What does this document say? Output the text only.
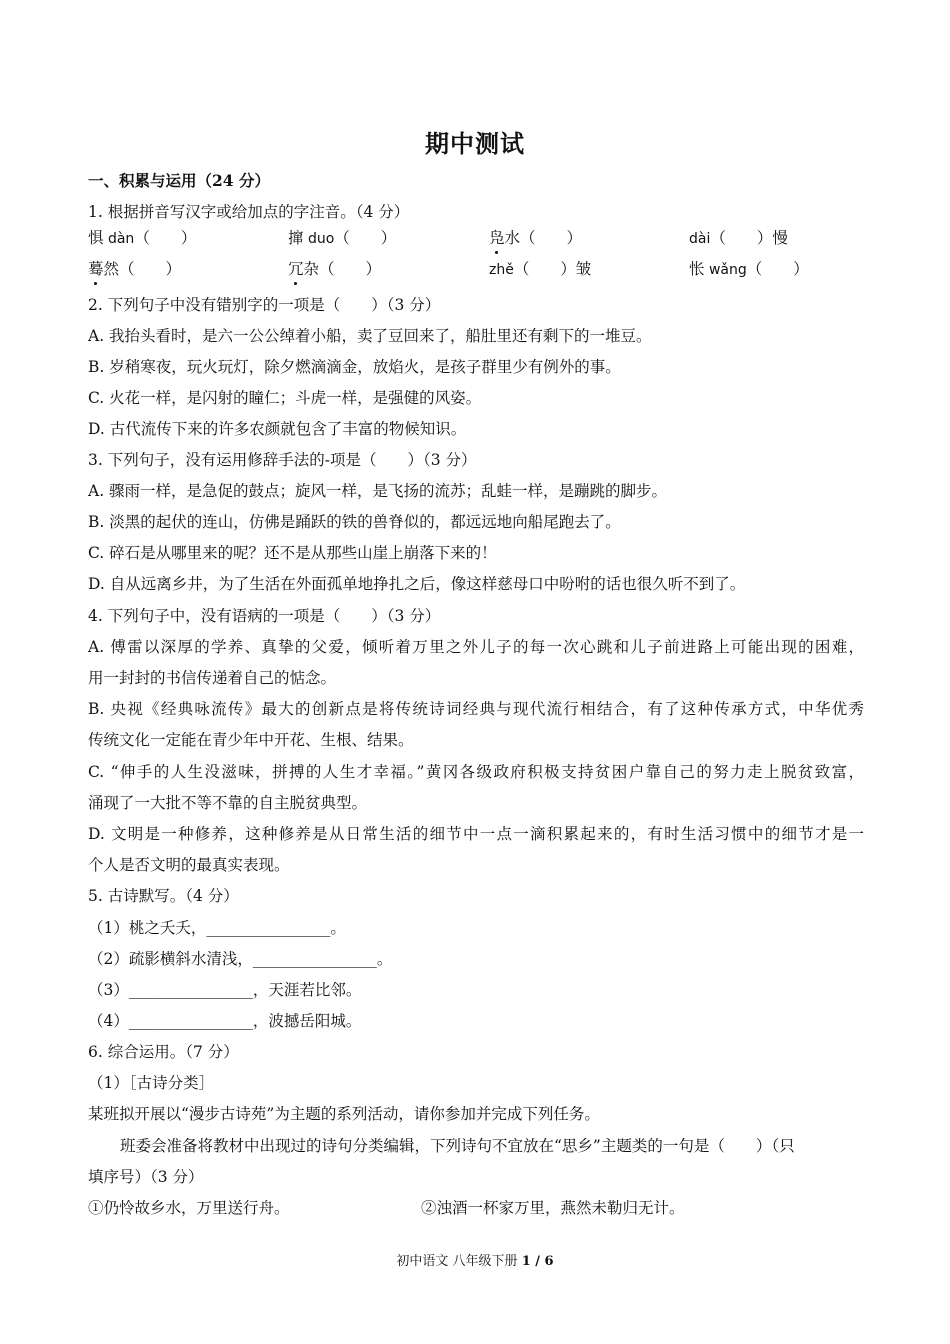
期中测试
一、积累与运用（24 分）
1. 根据拼音写汉字或给加点的字注音。（4 分）
惧 dàn（　　）	撺 duo（　　）	凫水（　　）	dài（　　）慢
蓦然（　　）	冗杂（　　）	zhě（　　）皱	怅 wǎng（　　）
2. 下列句子中没有错别字的一项是（　　）（3 分）
A. 我抬头看时，是六一公公绰着小船，卖了豆回来了，船肚里还有剩下的一堆豆。
B. 岁稍寒夜，玩火玩灯，除夕燃滴滴金，放焰火，是孩子群里少有例外的事。
C. 火花一样，是闪射的瞳仁；斗虎一样，是强健的风姿。
D. 古代流传下来的许多农颜就包含了丰富的物候知识。
3. 下列句子，没有运用修辞手法的-项是（　　）（3 分）
A. 骤雨一样，是急促的鼓点；旋风一样，是飞扬的流苏；乱蛙一样，是蹦跳的脚步。
B. 淡黑的起伏的连山，仿佛是踊跃的铁的兽脊似的，都远远地向船尾跑去了。
C. 碎石是从哪里来的呢？还不是从那些山崖上崩落下来的！
D. 自从远离乡井，为了生活在外面孤单地挣扎之后，像这样慈母口中吩咐的话也很久听不到了。
4. 下列句子中，没有语病的一项是（　　）（3 分）
A. 傅雷以深厚的学养、真挚的父爱，倾听着万里之外儿子的每一次心跳和儿子前进路上可能出现的困难，
用一封封的书信传递着自己的惦念。
B. 央视《经典咏流传》最大的创新点是将传统诗词经典与现代流行相结合，有了这种传承方式，中华优秀
传统文化一定能在青少年中开花、生根、结果。
C. “伸手的人生没滋味，拼搏的人生才幸福。”黄冈各级政府积极支持贫困户靠自己的努力走上脱贫致富，
涌现了一大批不等不靠的自主脱贫典型。
D. 文明是一种修养，这种修养是从日常生活的细节中一点一滴积累起来的，有时生活习惯中的细节才是一
个人是否文明的最真实表现。
5. 古诗默写。（4 分）
（1）桃之夭夭，________________。
（2）疏影横斜水清浅，________________。
（3）________________，天涯若比邻。
（4）________________，波撼岳阳城。
6. 综合运用。（7 分）
（1）［古诗分类］
某班拟开展以“漫步古诗苑”为主题的系列活动，请你参加并完成下列任务。
班委会准备将教材中出现过的诗句分类编辑，下列诗句不宜放在“思乡”主题类的一句是（　　）（只
填序号）（3 分）
①仍怜故乡水，万里送行舟。	②浊酒一杯家万里，燕然未勒归无计。
初中语文 八年级下册 1 / 6
